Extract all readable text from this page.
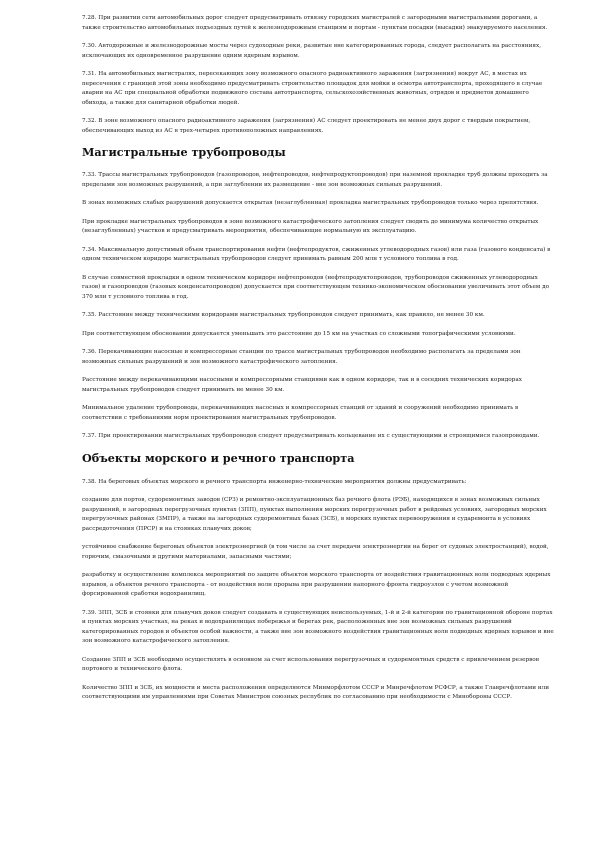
7.28. При развитии сети автомобильных дорог следует предусматривать отвязку городских магистралей с загородными магистральными дорогами, а также строительство автомобильных подъездных путей к железнодорожным станциям и портам - пунктам посадки (высадки) эвакуируемого населения.

7.30. Автодорожные и железнодорожные мосты через судоходные реки, развитые вне категорированных города, следует располагать на расстояниях, исключающих их одновременное разрушение одним ядерным взрывом.

7.31. На автомобильных магистралях, пересекающих зону возможного опасного радиоактивного заражения (загрязнения) вокруг АС, в местах их пересечения с границей этой зоны необходимо предусматривать строительство площадок для мойки и осмотра автотранспорта, проходящего в случае аварии на АС при специальной обработки подвижного состава автотранспорта, сельскохозяйственных животных, отрядов и предметов домашнего обихода, а также для санитарной обработки людей.

7.32. В зоне возможного опасного радиоактивного заражения (загрязнения) АС следует проектировать не менее двух дорог с твердым покрытием, обеспечивающих выход из АС в трех-четырех противоположных направлениях.

Магистральные трубопроводы

7.33. Трассы магистральных трубопроводов (газопроводов, нефтепроводов, нефтепродуктопроводов) при наземной прокладке труб должны проходить за пределами зон возможных разрушений, а при заглублении их размещение - вне зон возможных сильных разрушений.

В зонах возможных слабых разрушений допускается открытая (незаглубленная) прокладка магистральных трубопроводов только через препятствия.

При прокладке магистральных трубопроводов в зоне возможного катастрофического затопления следует сводить до минимума количество открытых (незаглубленных) участков и предусматривать мероприятия, обеспечивающие нормальную их эксплуатацию.

7.34. Максимальную допустимый объем транспортирования нефти (нефтепродуктов, сжиженных углеводородных газов) или газа (газового конденсата) в одном техническом коридоре магистральных трубопроводов следует принимать равным 200 млн т условного топлива в год.

В случае совместной прокладки в одном техническом коридоре нефтепроводов (нефтепродуктопроводов, трубопроводов сжиженных углеводородных газов) и газопроводов (газовых конденсатопроводов) допускается при соответствующем технико-экономическом обосновании увеличивать этот объем до 370 млн т условного топлива в год.

7.35. Расстояние между техническими коридорами магистральных трубопроводов следует принимать, как правило, не менее 30 км.

При соответствующем обосновании допускается уменьшать это расстояние до 15 км на участках со сложными топографическими условиями.

7.36. Перекачивающие насосные и компрессорные станции по трассе магистральных трубопроводов необходимо располагать за пределами зон возможных сильных разрушений и зон возможного катастрофического затопления.

Расстояние между перекачивающими насосными и компрессорными станциями как в одном коридоре, так и в соседних технических коридорах магистральных трубопроводов следует принимать не менее 30 км.

Минимальное удаление трубопровода, перекачивающих насосных и компрессорных станций от зданий и сооружений необходимо принимать в соответствии с требованиями норм проектирования магистральных трубопроводов.

7.37. При проектировании магистральных трубопроводов следует предусматривать кольцевание их с существующими и строящимися газопроводами.

Объекты морского и речного транспорта

7.38. На береговых объектах морского и речного транспорта инженерно-технические мероприятия должны предусматривать:

создание для портов, судоремонтных заводов (СРЗ) и ремонтно-эксплуатационных баз речного флота (РЭБ), находящихся в зонах возможных сильных разрушений, в загородных перегрузочных пунктах (ЗПП), пунктах выполнения морских перегрузочных работ в рейдовых условиях, загородных морских перегрузочных районах (ЗМПР), а также на загородных судоремонтных базах (ЗСБ), в морских пунктах перевооружения и сударемонта в условиях рассредоточения (ПРСР) и на стоянках плавучих доков;

устойчивое снабжение береговых объектов электроэнергией (в том числе за счет передачи электроэнергии на берег от судовых электростанций), водой, горючим, смазочными и другими материалами, запасными частями;

разработку и осуществление комплекса мероприятий по защите объектов морского транспорта от воздействия гравитационных волн подводных ядерных взрывов, а объектов речного транспорта - от воздействия волн прорыва при разрушении напорного фронта гидроузлов с учетом возможной форсированной сработки водохранилищ.

7.39. ЗПП, ЗСБ и стоянки для плавучих доков следует создавать в существующих неиспользуемых, 1-й и 2-й категории по гравитационной обороне портах и пунктах морских участках, на реках и водохранилищах побережья и берегах рек, расположенных вне зон возможных сильных разрушений категорированных городов и объектов особой важности, а также вне зон возможного воздействия гравитационных волн подводных ядерных взрывов и вне зон возможного катастрофического затопления.

Создание ЗПП и ЗСБ необходимо осуществлять в основном за счет использования перегрузочных и судоремонтных средств с привлечением резервов портового и технического флота.

Количество ЗПП и ЗСБ, их мощности и места расположения определяются Минморфлотом СССР и Минречфлотом РСФСР, а также Главречфлотами или соответствующими им управлениями при Советах Министров союзных республик по согласованию при необходимости с Минобороны СССР.
